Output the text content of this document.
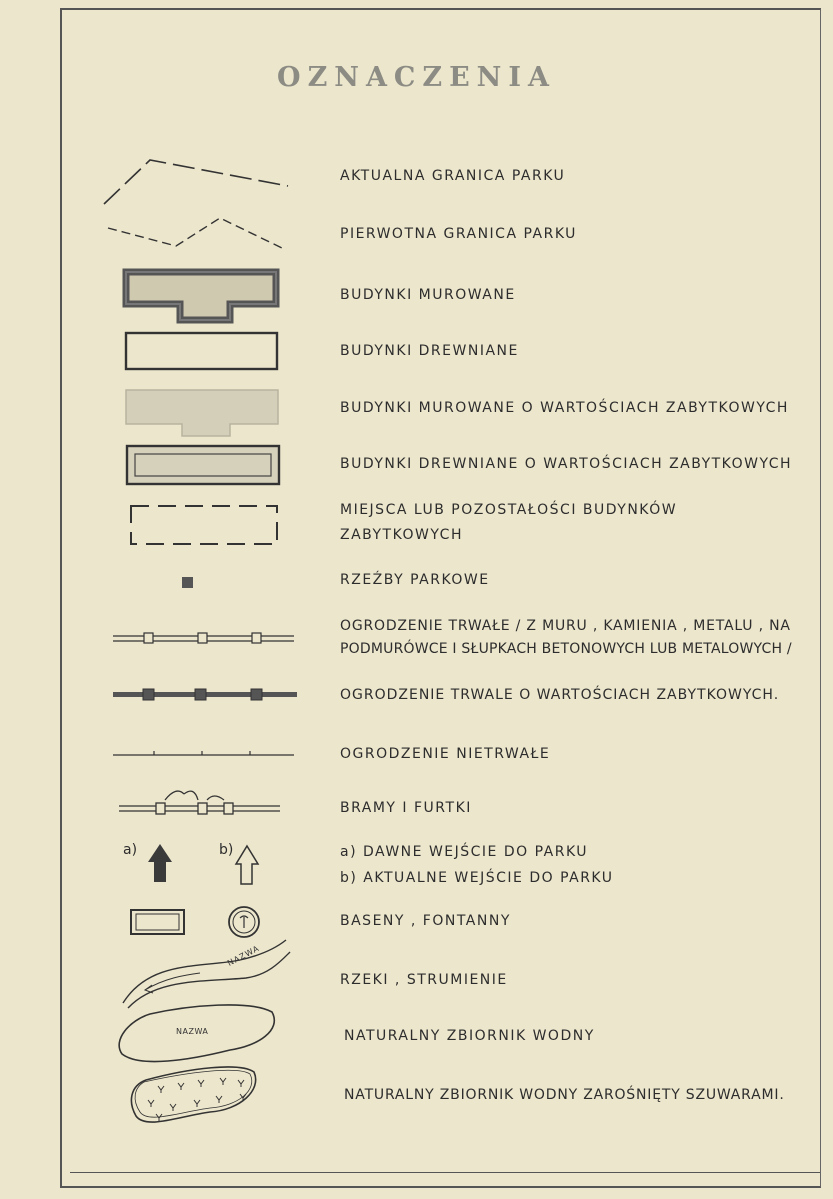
OZNACZENIA
a)	b)
NAZWA
NAZWA
AKTUALNA GRANICA PARKU
PIERWOTNA GRANICA PARKU
BUDYNKI MUROWANE
BUDYNKI DREWNIANE
BUDYNKI MUROWANE O WARTOŚCIACH ZABYTKOWYCH
BUDYNKI DREWNIANE O WARTOŚCIACH ZABYTKOWYCH
MIEJSCA LUB POZOSTAŁOŚCI BUDYNKÓW
ZABYTKOWYCH
RZEŹBY PARKOWE
OGRODZENIE TRWAŁE / Z MURU , KAMIENIA , METALU , NA
PODMURÓWCE I SŁUPKACH BETONOWYCH LUB METALOWYCH /
OGRODZENIE TRWALE O WARTOŚCIACH ZABYTKOWYCH.
OGRODZENIE NIETRWAŁE
BRAMY I FURTKI
a) DAWNE WEJŚCIE DO PARKU
b) AKTUALNE WEJŚCIE DO PARKU
BASENY , FONTANNY
RZEKI , STRUMIENIE
NATURALNY ZBIORNIK WODNY
NATURALNY ZBIORNIK WODNY ZAROŚNIĘTY SZUWARAMI.
